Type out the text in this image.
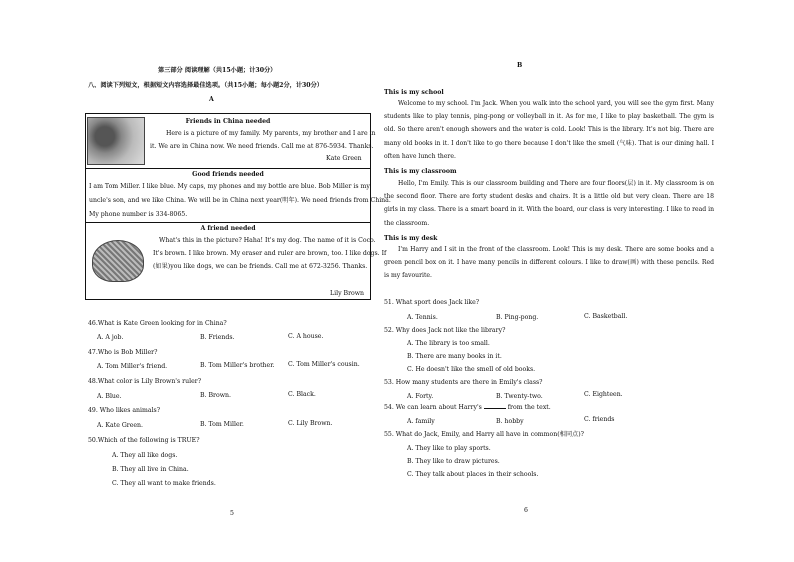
第三部分 阅读理解（共15小题；计30分）
八、阅读下列短文，根据短文内容选择最佳选项。（共15小题；每小题2分，计30分）
A
Friends in China needed
Here is a picture of my family. My parents, my brother and I are in
it. We are in China now. We need friends. Call me at 876-5934. Thanks.
Kate Green
Good friends needed
I am Tom Miller. I like blue. My caps, my phones and my bottle are blue. Bob Miller is my
uncle's son, and we like China. We will be in China next year(明年). We need friends from China.
My phone number is 334-8065.
A friend needed
What's this in the picture? Haha! It's my dog. The name of it is Coco.
It's brown. I like brown. My eraser and ruler are brown, too. I like dogs. If
(如果)you like dogs, we can be friends. Call me at 672-3256. Thanks.
Lily Brown
46.What is Kate Green looking for in China?
A. A job.	B. Friends.	C. A house.
47.Who is Bob Miller?
A. Tom Miller's friend.	B. Tom Miller's brother. C. Tom Miller's cousin.
48.What color is Lily Brown's ruler?
A. Blue.	B. Brown.	C. Black.
49. Who likes animals?
A. Kate Green.	B. Tom Miller.	C. Lily Brown.
50.Which of the following is TRUE?
A. They all like dogs.
B. They all live in China.
C. They all want to make friends.
5
B
This is my school
Welcome to my school. I'm Jack. When you walk into the school yard, you will see the gym first. Many students like to play tennis, ping-pong or volleyball in it. As for me, I like to play basketball. The gym is old. So there aren't enough showers and the water is cold. Look! This is the library. It's not big. There are many old books in it. I don't like to go there because I don't like the smell (气味). That is our dining hall. I often have lunch there.
This is my classroom
Hello, I'm Emily. This is our classroom building and There are four floors(层) in it. My classroom is on the second floor. There are forty student desks and chairs. It is a little old but very clean. There are 18 girls in my class. There is a smart board in it. With the board, our class is very interesting. I like to read in the classroom.
This is my desk
I'm Harry and I sit in the front of the classroom. Look! This is my desk. There are some books and a green pencil box on it. I have many pencils in different colours. I like to draw(画) with these pencils. Red is my favourite.
51. What sport does Jack like?
A. Tennis.	B. Ping-pong.	C. Basketball.
52. Why does Jack not like the library?
A. The library is too small.
B. There are many books in it.
C. He doesn't like the smell of old books.
53. How many students are there in Emily's class?
A. Forty.	B. Twenty-two.	C. Eighteen.
54. We can learn about Harry's	from the text.
A. family	B. hobby	C. friends
55. What do Jack, Emily, and Harry all have in common(相同点)?
A. They like to play sports.
B. They like to draw pictures.
C. They talk about places in their schools.
6
